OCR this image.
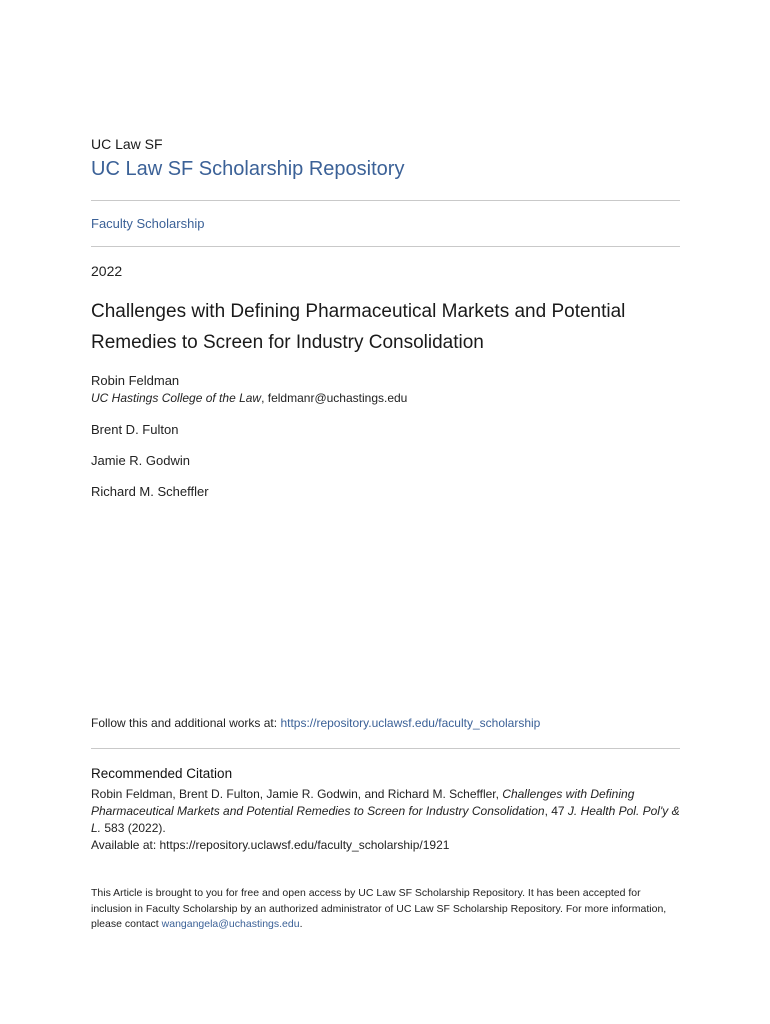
UC Law SF
UC Law SF Scholarship Repository
Faculty Scholarship
2022
Challenges with Defining Pharmaceutical Markets and Potential Remedies to Screen for Industry Consolidation
Robin Feldman
UC Hastings College of the Law, feldmanr@uchastings.edu
Brent D. Fulton
Jamie R. Godwin
Richard M. Scheffler
Follow this and additional works at: https://repository.uclawsf.edu/faculty_scholarship
Recommended Citation
Robin Feldman, Brent D. Fulton, Jamie R. Godwin, and Richard M. Scheffler, Challenges with Defining Pharmaceutical Markets and Potential Remedies to Screen for Industry Consolidation, 47 J. Health Pol. Pol'y & L. 583 (2022).
Available at: https://repository.uclawsf.edu/faculty_scholarship/1921
This Article is brought to you for free and open access by UC Law SF Scholarship Repository. It has been accepted for inclusion in Faculty Scholarship by an authorized administrator of UC Law SF Scholarship Repository. For more information, please contact wangangela@uchastings.edu.
